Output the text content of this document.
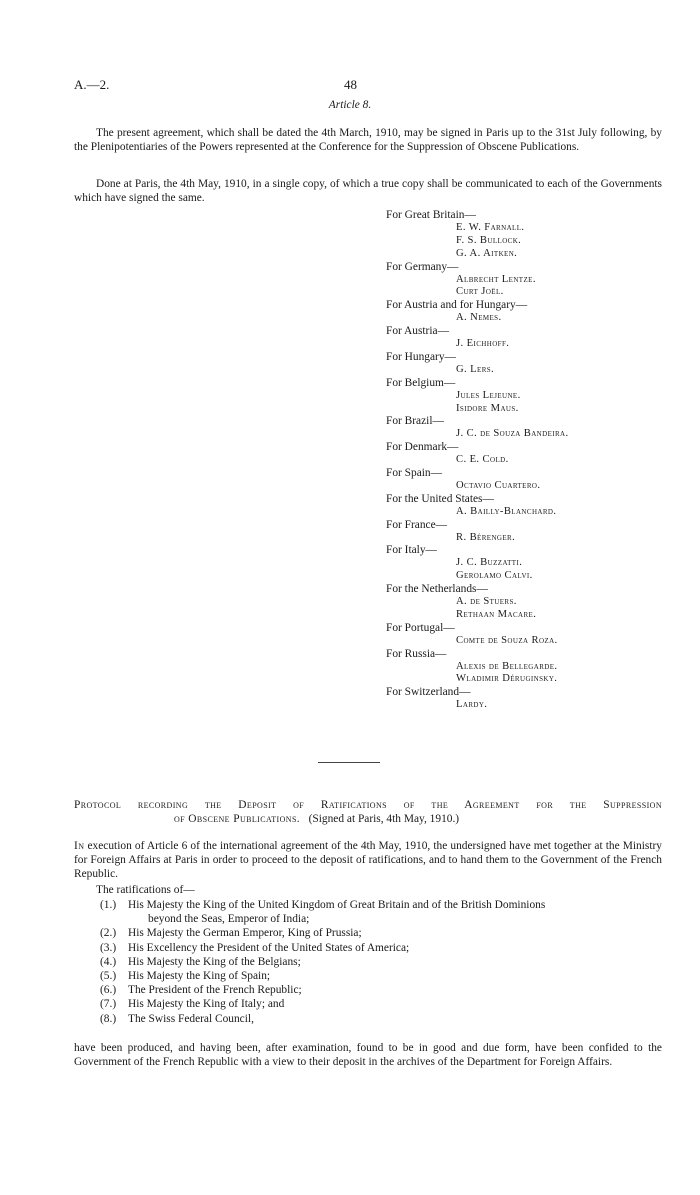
A.—2.	48
Article 8.
The present agreement, which shall be dated the 4th March, 1910, may be signed in Paris up to the 31st July following, by the Plenipotentiaries of the Powers represented at the Conference for the Suppression of Obscene Publications.
Done at Paris, the 4th May, 1910, in a single copy, of which a true copy shall be communicated to each of the Governments which have signed the same.
For Great Britain—
E. W. Farnall.
F. S. Bullock.
G. A. Aitken.
For Germany—
Albrecht Lentze.
Curt Joël.
For Austria and for Hungary—
A. Nemes.
For Austria—
J. Eichhoff.
For Hungary—
G. Lers.
For Belgium—
Jules Lejeune.
Isidore Maus.
For Brazil—
J. C. de Souza Bandeira.
For Denmark—
C. E. Cold.
For Spain—
Octavio Cuartero.
For the United States—
A. Bailly-Blanchard.
For France—
R. Bérenger.
For Italy—
J. C. Buzzatti.
Gerolamo Calvi.
For the Netherlands—
A. de Stuers.
Rethaan Macare.
For Portugal—
Comte de Souza Roza.
For Russia—
Alexis de Bellegarde.
Wladimir Déruginsky.
For Switzerland—
Lardy.
Protocol recording the Deposit of Ratifications of the Agreement for the Suppression
of Obscene Publications. (Signed at Paris, 4th May, 1910.)
In execution of Article 6 of the international agreement of the 4th May, 1910, the undersigned have met together at the Ministry for Foreign Affairs at Paris in order to proceed to the deposit of ratifications, and to hand them to the Government of the French Republic.
The ratifications of—
(1.) His Majesty the King of the United Kingdom of Great Britain and of the British Dominions
beyond the Seas, Emperor of India;
(2.) His Majesty the German Emperor, King of Prussia;
(3.) His Excellency the President of the United States of America;
(4.) His Majesty the King of the Belgians;
(5.) His Majesty the King of Spain;
(6.) The President of the French Republic;
(7.) His Majesty the King of Italy; and
(8.) The Swiss Federal Council,
have been produced, and having been, after examination, found to be in good and due form, have been confided to the Government of the French Republic with a view to their deposit in the archives of the Department for Foreign Affairs.
